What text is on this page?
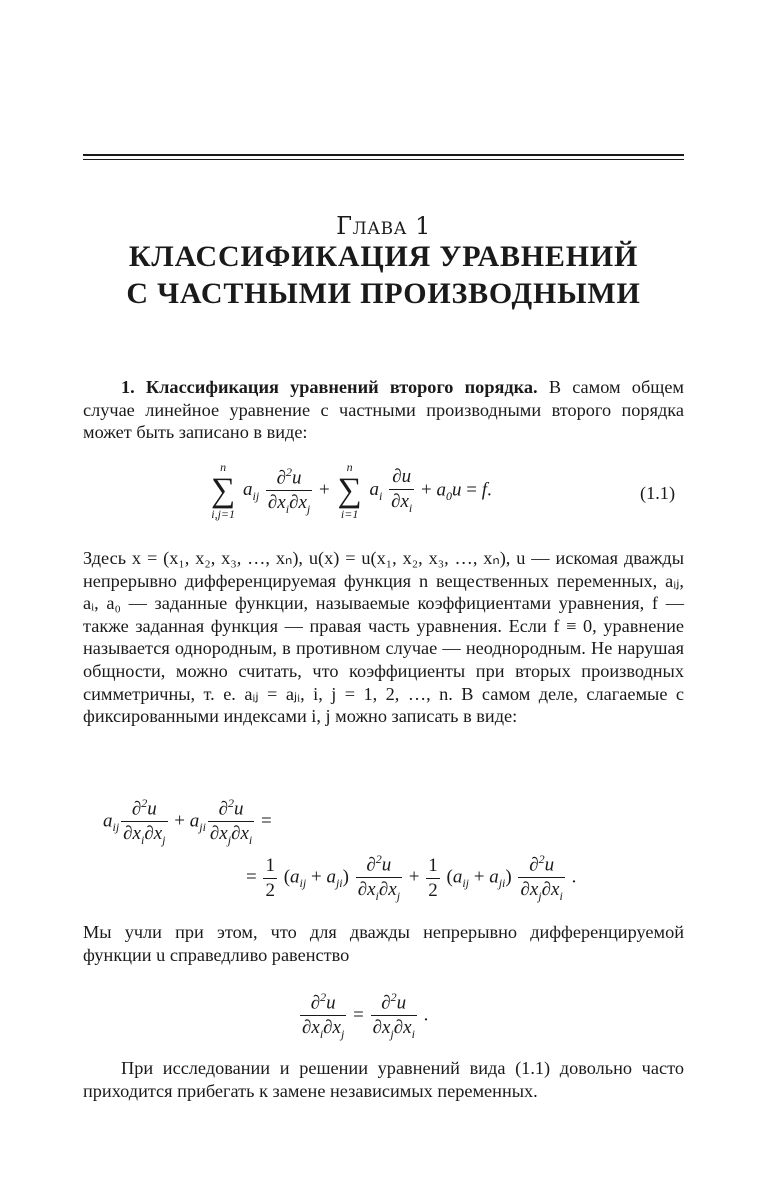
Глава 1
КЛАССИФИКАЦИЯ УРАВНЕНИЙ
С ЧАСТНЫМИ ПРОИЗВОДНЫМИ
1. Классификация уравнений второго порядка. В самом общем случае линейное уравнение с частными производными второго порядка может быть записано в виде:
n
∑
i,j=1
$a_{ij} \frac{\partial^2u}{\partial x_i\partial x_j}$ +
n
∑
i=1
$a_i \frac{\partial u}{\partial x_i} + a_0u = f$.	(1.1)
Здесь x = (x₁, x₂, x₃, …, xₙ), u(x) = u(x₁, x₂, x₃, …, xₙ), u — искомая дважды непрерывно дифференцируемая функция n вещественных переменных, aᵢⱼ, aᵢ, a₀ — заданные функции, называемые коэффициентами уравнения, f — также заданная функция — правая часть уравнения. Если f ≡ 0, уравнение называется однородным, в противном случае — неоднородным. Не нарушая общности, можно считать, что коэффициенты при вторых производных симметричны, т. е. aᵢⱼ = aⱼᵢ, i, j = 1, 2, …, n. В самом деле, слагаемые с фиксированными индексами i, j можно записать в виде:
$a_{ij} \frac{\partial^2u}{\partial x_i\partial x_j} + a_{ji} \frac{\partial^2u}{\partial x_j\partial x_i}$ =
= $\frac{1}{2} (a_{ij} + a_{ji}) \frac{\partial^2u}{\partial x_i\partial x_j} + \frac{1}{2} (a_{ij} + a_{ji}) \frac{\partial^2u}{\partial x_j\partial x_i}$ .
Мы учли при этом, что для дважды непрерывно дифференцируемой функции u справедливо равенство
$\frac{\partial^2u}{\partial x_i\partial x_j} = \frac{\partial^2u}{\partial x_j\partial x_i}$ .
При исследовании и решении уравнений вида (1.1) довольно часто приходится прибегать к замене независимых переменных.
